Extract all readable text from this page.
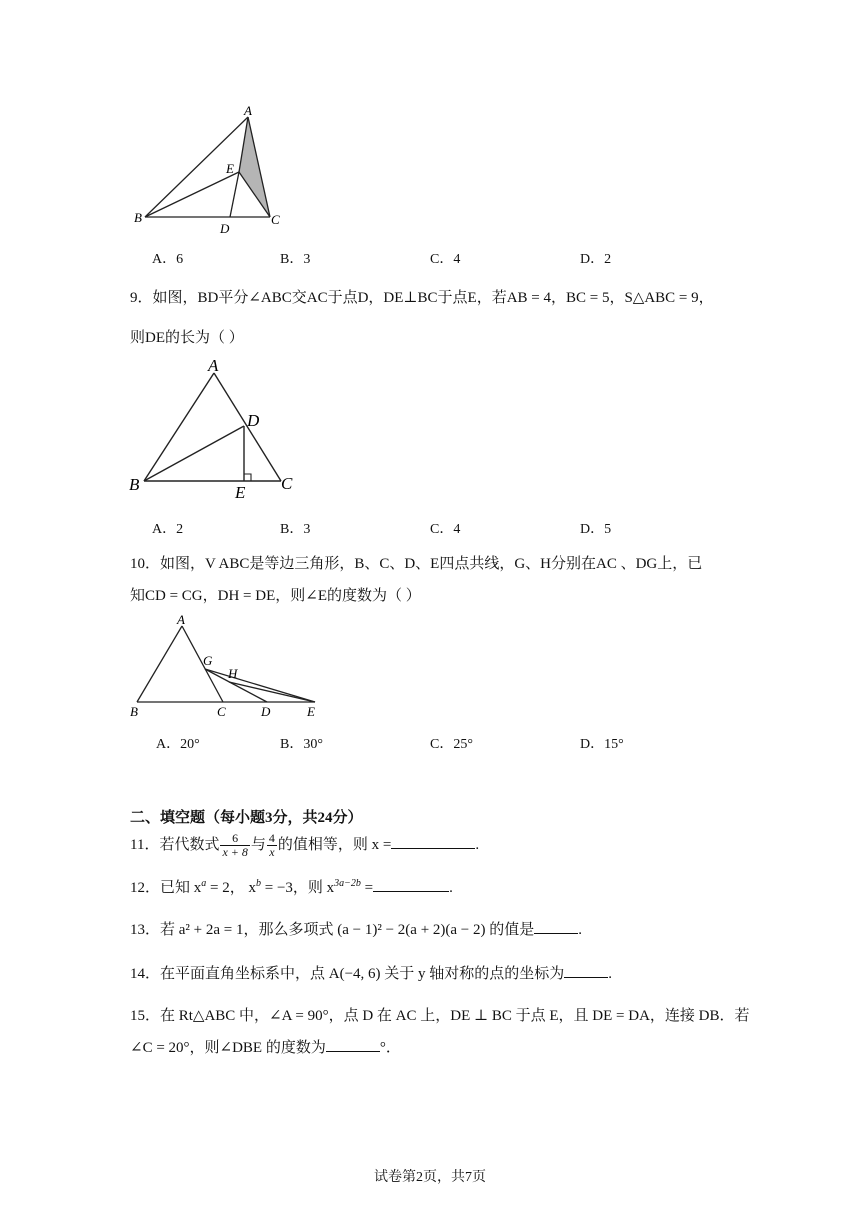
A
E
B	C
D
A．6	B．3	C．4	D．2
9．如图，BD平分∠ABC交AC于点D，DE⊥BC于点E，若AB = 4，BC = 5，S△ABC = 9，
则DE的长为（ ）
A
D
B	C
E
A．2	B．3	C．4	D．5
10．如图，V ABC是等边三角形，B、C、D、E四点共线，G、H分别在AC 、DG上，已
知CD = CG，DH = DE，则∠E的度数为（ ）
A
G
H
B	C	D	E
A．20°	B．30°	C．25°	D．15°
二、填空题（每小题3分，共24分）
11．若代数式 $\frac{6}{x + 8}$ 与 $\frac{4}{x}$ 的值相等，则 x =	.
12．已知 $x^a = 2$， $x^b = -3$，则 $x^{3a-2b}$ =	.
13．若 a² + 2a = 1，那么多项式 (a − 1)² − 2(a + 2)(a − 2) 的值是	.
14．在平面直角坐标系中，点 A(−4, 6) 关于 y 轴对称的点的坐标为	.
15．在 Rt△ABC 中，∠A = 90°，点 D 在 AC 上，DE ⊥ BC 于点 E，且 DE = DA，连接 DB．若
∠C = 20°，则∠DBE 的度数为	°．
试卷第2页，共7页
